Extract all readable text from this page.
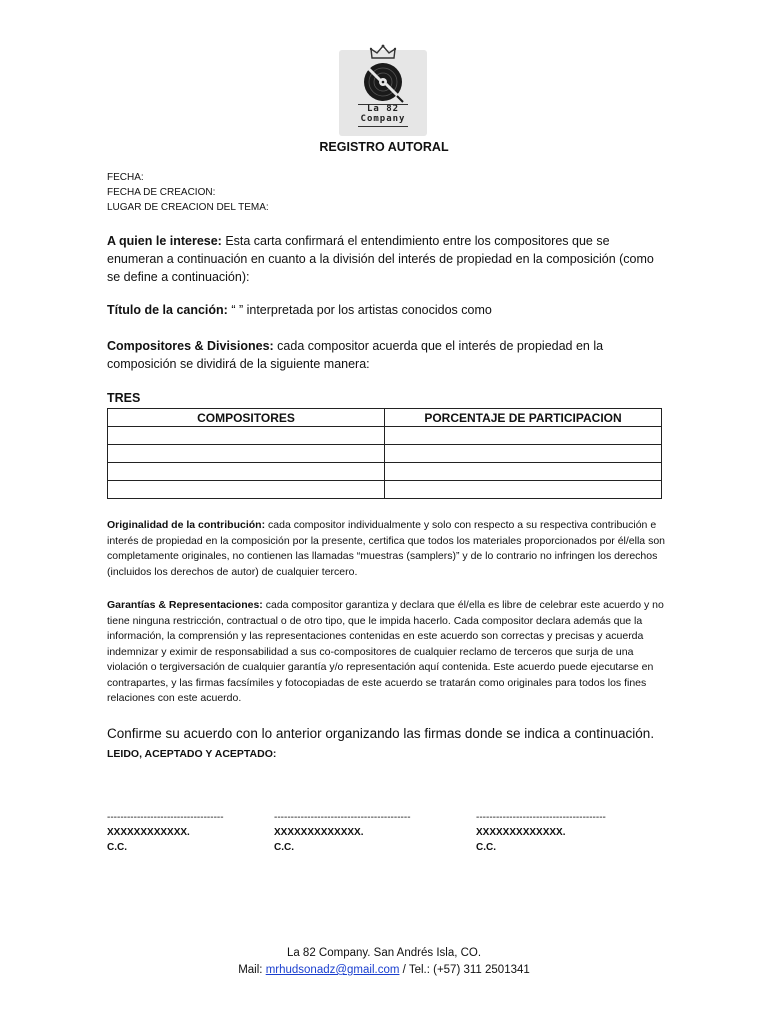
La 82
Company
REGISTRO AUTORAL
FECHA:
FECHA DE CREACION:
LUGAR DE CREACION DEL TEMA:
A quien le interese: Esta carta confirmará el entendimiento entre los compositores que se enumeran a continuación en cuanto a la división del interés de propiedad en la composición (como se define a continuación):
Título de la canción: “ ” interpretada por los artistas conocidos como
Compositores & Divisiones: cada compositor acuerda que el interés de propiedad en la composición se dividirá de la siguiente manera:
TRES
COMPOSITORES	PORCENTAJE DE PARTICIPACION

Originalidad de la contribución: cada compositor individualmente y solo con respecto a su respectiva contribución e interés de propiedad en la composición por la presente, certifica que todos los materiales proporcionados por él/ella son completamente originales, no contienen las llamadas “muestras (samplers)” y de lo contrario no infringen los derechos (incluidos los derechos de autor) de cualquier tercero.
Garantías & Representaciones: cada compositor garantiza y declara que él/ella es libre de celebrar este acuerdo y no tiene ninguna restricción, contractual o de otro tipo, que le impida hacerlo. Cada compositor declara además que la información, la comprensión y las representaciones contenidas en este acuerdo son correctas y precisas y acuerda indemnizar y eximir de responsabilidad a sus co-compositores de cualquier reclamo de terceros que surja de una violación o tergiversación de cualquier garantía y/o representación aquí contenida. Este acuerdo puede ejecutarse en contrapartes, y las firmas facsímiles y fotocopiadas de este acuerdo se tratarán como originales para todos los fines relaciones con este acuerdo.
Confirme su acuerdo con lo anterior organizando las firmas donde se indica a continuación. LEIDO, ACEPTADO Y ACEPTADO:
-----------------------------------
XXXXXXXXXXXX.
C.C.
-----------------------------------------
XXXXXXXXXXXXX.
C.C.
---------------------------------------
XXXXXXXXXXXXX.
C.C.
La 82 Company. San Andrés Isla, CO.
Mail: mrhudsonadz@gmail.com / Tel.: (+57) 311 2501341
